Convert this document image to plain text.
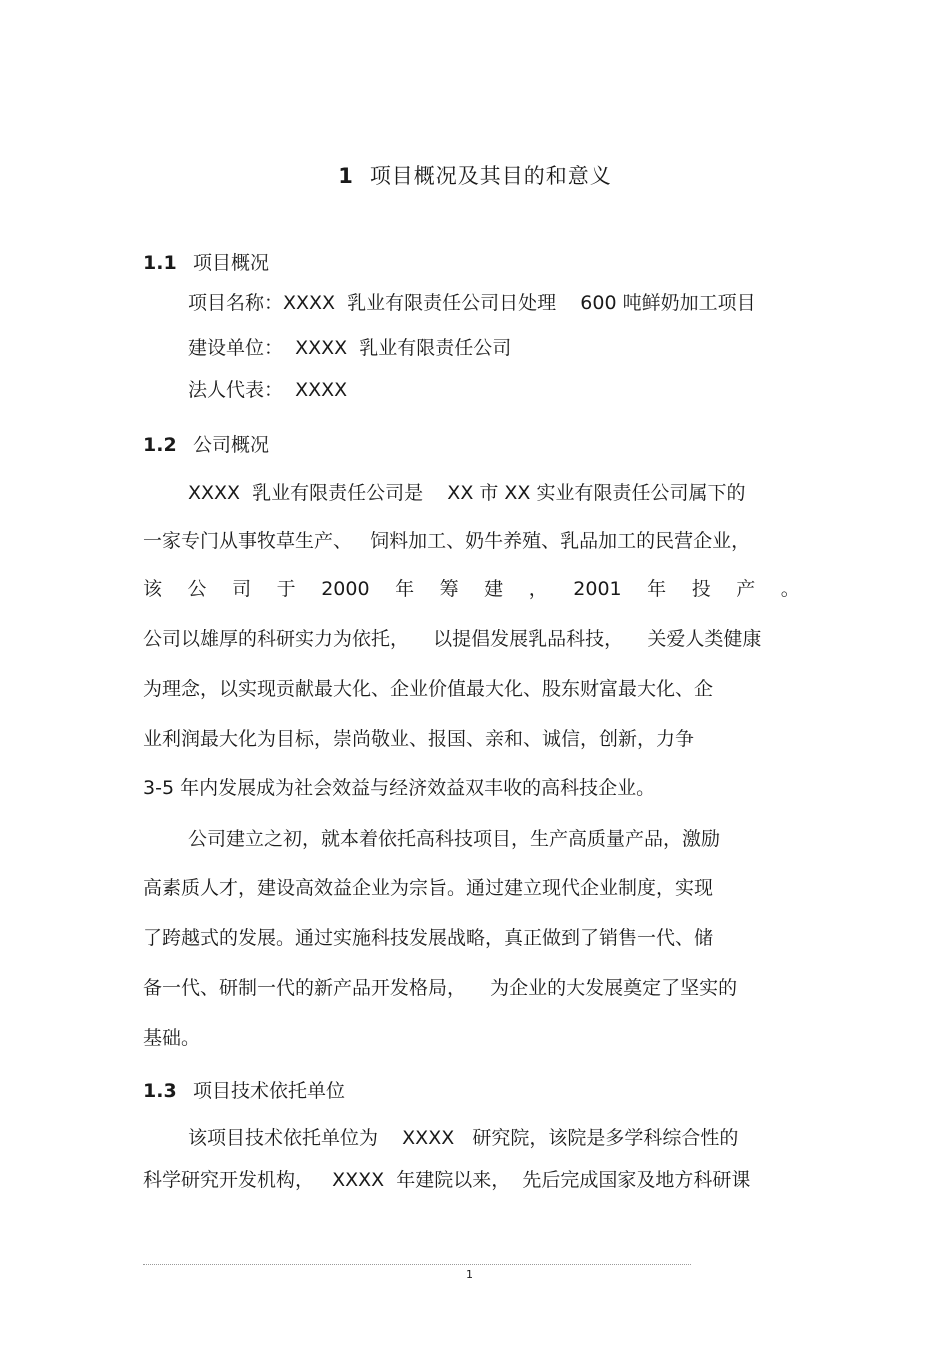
1 项目概况及其目的和意义
1.1 项目概况
项目名称：XXXX  乳业有限责任公司日处理    600 吨鲜奶加工项目
建设单位：  XXXX  乳业有限责任公司
法人代表：  XXXX
1.2 公司概况
XXXX  乳业有限责任公司是    XX 市 XX 实业有限责任公司属下的
一家专门从事牧草生产、   饲料加工、奶牛养殖、乳品加工的民营企业，
该 公 司 于 2000 年 筹 建 ， 2001 年 投 产 。
公司以雄厚的科研实力为依托，    以提倡发展乳品科技，    关爱人类健康
为理念，以实现贡献最大化、企业价值最大化、股东财富最大化、企
业利润最大化为目标，崇尚敬业、报国、亲和、诚信，创新，力争
3-5 年内发展成为社会效益与经济效益双丰收的高科技企业。
公司建立之初，就本着依托高科技项目，生产高质量产品，激励
高素质人才，建设高效益企业为宗旨。通过建立现代企业制度，实现
了跨越式的发展。通过实施科技发展战略，真正做到了销售一代、储
备一代、研制一代的新产品开发格局，    为企业的大发展奠定了坚实的
基础。
1.3 项目技术依托单位
该项目技术依托单位为    XXXX   研究院，该院是多学科综合性的
科学研究开发机构，   XXXX  年建院以来，  先后完成国家及地方科研课
1
